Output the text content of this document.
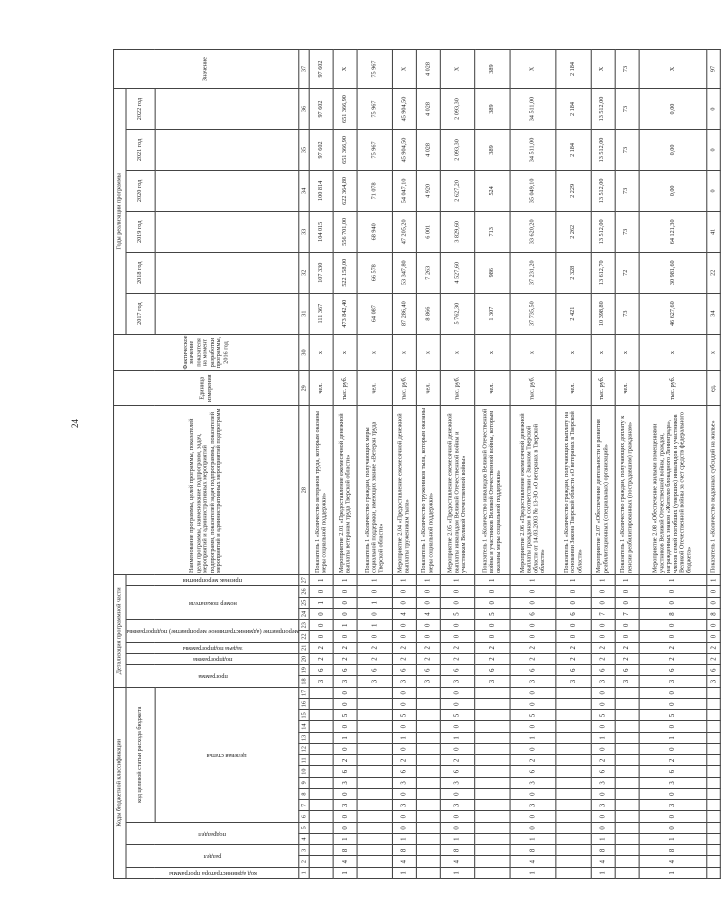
24
Коды бюджетной классификации																	Детализация программной части										Наименование программы, целей программы, показателей цели программы, наименование подпрограмм, задач, мероприятий и административных мероприятий подпрограмм, показателей задач подпрограммы, показателей мероприятий и административных мероприятий подпрограмм	Единица измерения	Фактическое значение показателя на момент разработки программы, 2016 год	Годы реализации программы						Значение

код администратора программы	раздел		подраздел		код целевой статьи расхода бюджета												программа		подпрограмма	задача подпрограммы	мероприятие (административное мероприятие) подпрограммы		номер показателя			признак мероприятия				2017 год	2018 год	2019 год	2020 год	2021 год	2022 год	

					целевая статья																															

1	2	3	4	5	6	7	8	9	10	11	12	13	14	15	16	17	18	19	20	21	22	23	24	25	26	27	28	29	30	31	32	33	34	35	36	37
																	3	6	2	2	0	0	0	1	0	1	Показатель 1 «Количество ветеранов труда, которым оказаны меры социальной поддержки»	чел.	х	111 367	107 330	104 015	100 814	97 602	97 602	97 602
1	4	8	1	0	0	3	0	3	6	2	0	1	0	5	0	0	3	6	2	2	0	1	0	0	0	1	Мероприятие 2.01 «Предоставление ежемесячной денежной выплаты ветеранам труда Тверской области»	тыс. руб.	х	473 842,40	522 158,00	556 701,00	622 364,80	651 366,90	651 366,90	Х
																	3	6	2	2	0	1	0	1	0	1	Показатель 1 «Количество граждан, получающих меры социальной поддержки, имеющих звание «Ветеран труда Тверской области»	чел.	х	64 087	66 578	68 940	71 078	75 967	75 967	75 967
1	4	8	1	0	0	3	0	3	6	2	0	1	0	5	0	0	3	6	2	2	0	0	4	0	0	1	Мероприятие 2.04 «Предоставление ежемесячной денежной выплаты труженикам тыла»	тыс. руб.	х	87 286,40	53 347,80	47 205,20	54 047,10	45 904,50	45 904,50	Х
																	3	6	2	2	0	0	4	0	0	1	Показатель 1 «Количество тружеников тыла, которым оказаны меры социальной поддержки»	чел.	х	8 866	7 263	6 001	4 920	4 028	4 028	4 028
1	4	8	1	0	0	3	0	3	6	2	0	1	0	5	0	0	3	6	2	2	0	0	5	0	0	1	Мероприятие 2.05 «Предоставление ежемесячной денежной выплаты инвалидам Великой Отечественной войны и участникам Великой Отечественной войны»	тыс. руб.	х	5 762,30	4 527,60	3 829,60	2 627,20	2 093,30	2 093,30	Х
																	3	6	2	2	0	0	5	0	0	1	Показатель 1 «Количество инвалидов Великой Отечественной войны и участников Великой Отечественной войны, которым оказаны меры социальной поддержки»	чел.	х	1 307	986	713	524	389	389	389
1	4	8	1	0	0	3	0	3	6	2	0	1	0	5	0	0	3	6	2	2	0	0	6	0	0	1	Мероприятие 2.06 «Предоставление ежемесячной денежной выплаты гражданам в соответствии с Законом Тверской области от 14.03.2003 № 13-ЗО «О ветеранах в Тверской области»	тыс. руб.	х	37 735,50	37 231,20	33 620,20	35 049,10	34 511,00	34 511,00	Х
																	3	6	2	2	0	0	6	0	0	1	Показатель 1 «Количество граждан, получающих выплату на основании Закона Тверской области «О ветеранах в Тверской области»	чел.	х	2 421	2 328	2 262	2 229	2 184	2 184	2 184
1	4	8	1	0	0	3	0	3	6	2	0	1	0	5	0	0	3	6	2	2	0	0	7	0	0	1	Мероприятие 2.07 «Обеспечение деятельности и развития реабилитационных (специальных) организаций»	тыс. руб.	х	10 398,80	13 612,70	13 512,00	13 512,00	13 512,00	13 512,00	Х
																	3	6	2	2	0	0	7	0	0	1	Показатель 1 «Количество граждан, получающих доплату к пенсии реабилитированных (пострадавшим) гражданам»	чел.	х	73	72	73	73	73	73	73
1	4	8	1	0	0	3	0	3	6	2	0	1	0	5	0	0	3	6	2	2	0	0	8	0	0	1	Мероприятие 2.08 «Обеспечение жилыми помещениями участников Великой Отечественной войны, граждан, награжденных знаком «Жителю блокадного Ленинграда», членов семей погибших (умерших) инвалидов и участников Великой Отечественной войны за счет средств федерального бюджета»	тыс. руб.	х	46 627,60	30 981,60	64 121,30	0,00	0,00	0,00	Х
																	3	6	2	2	0	0	8	0	0	1	Показатель 1 «Количество выданных субсидий на жилье»	ед.	х	34	22	41	0	0	0	97
